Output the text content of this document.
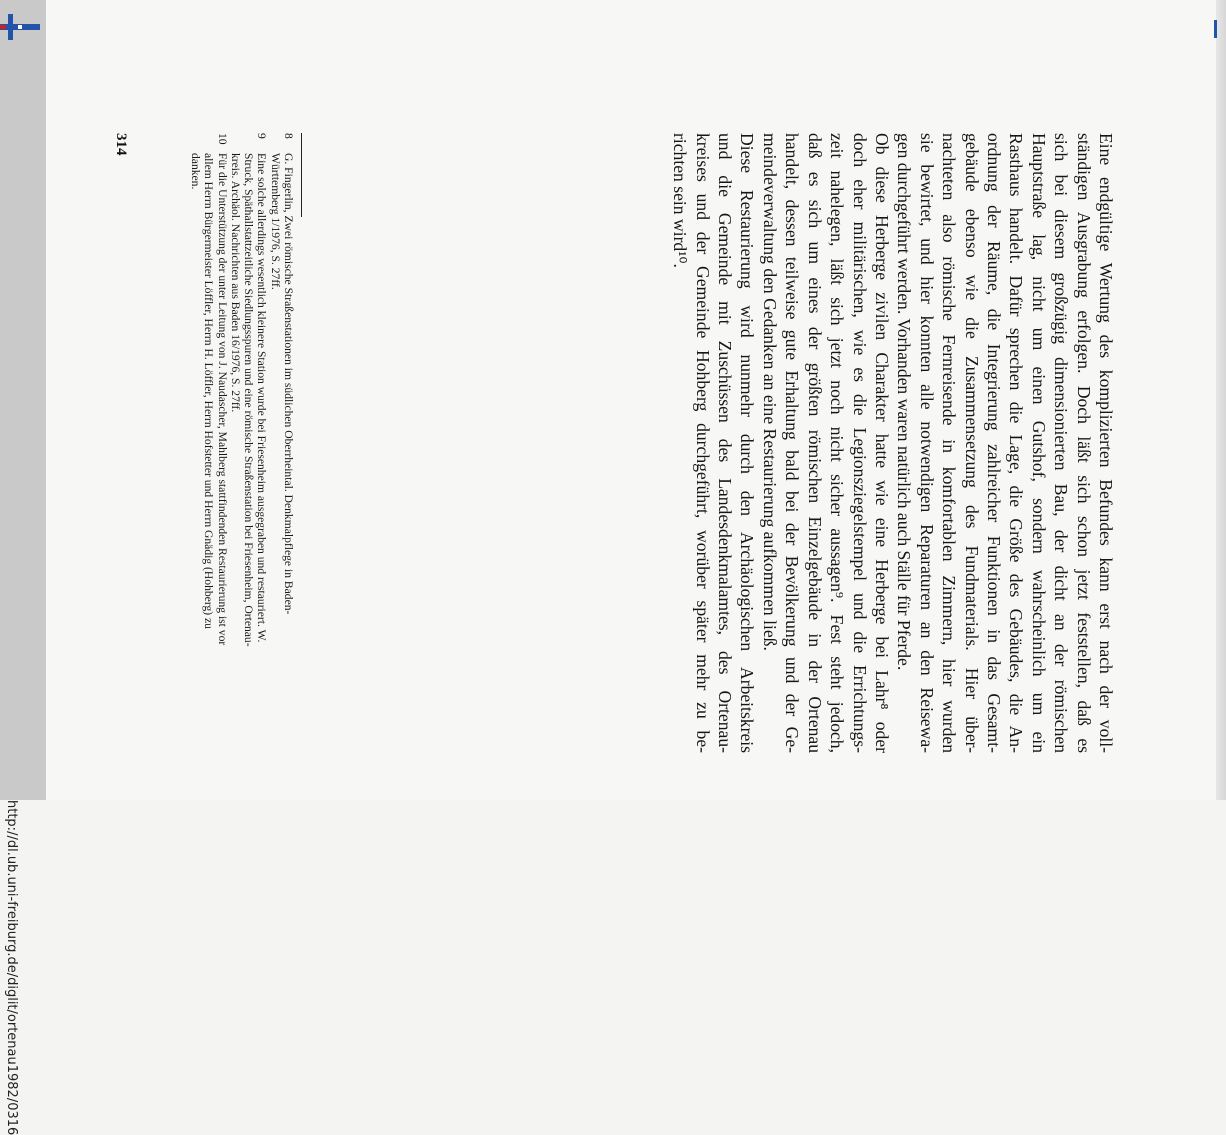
http://dl.ub.uni-freiburg.de/diglit/ortenau1982/0316
Eine endgültige Wertung des komplizierten Befundes kann erst nach der voll-
ständigen Ausgrabung erfolgen. Doch läßt sich schon jetzt feststellen, daß es
sich bei diesem großzügig dimensionierten Bau, der dicht an der römischen
Hauptstraße lag, nicht um einen Gutshof, sondern wahrscheinlich um ein
Rasthaus handelt. Dafür sprechen die Lage, die Größe des Gebäudes, die An-
ordnung der Räume, die Integrierung zahlreicher Funktionen in das Gesamt-
gebäude ebenso wie die Zusammensetzung des Fundmaterials. Hier über-
nachteten also römische Fernreisende in komfortablen Zimmern, hier wurden
sie bewirtet, und hier konnten alle notwendigen Reparaturen an den Reisewa-
gen durchgeführt werden. Vorhanden waren natürlich auch Ställe für Pferde.
Ob diese Herberge zivilen Charakter hatte wie eine Herberge bei Lahr⁸ oder
doch eher militärischen, wie es die Legionsziegelstempel und die Errichtungs-
zeit nahelegen, läßt sich jetzt noch nicht sicher aussagen⁹. Fest steht jedoch,
daß es sich um eines der größten römischen Einzelgebäude in der Ortenau
handelt, dessen teilweise gute Erhaltung bald bei der Bevölkerung und der Ge-
meindeverwaltung den Gedanken an eine Restaurierung aufkommen ließ.
Diese Restaurierung wird nunmehr durch den Archäologischen Arbeitskreis
und die Gemeinde mit Zuschüssen des Landesdenkmalamtes, des Ortenau-
kreises und der Gemeinde Hohberg durchgeführt, worüber später mehr zu be-
richten sein wird¹⁰.
8
G. Fingerlin, Zwei römische Straßenstationen im südlichen Oberrheintal. Denkmalpflege in Baden-
Württemberg 1/1976, S. 27ff.
9
Eine solche allerdings wesentlich kleinere Station wurde bei Friesenheim ausgegraben und restauriert. W.
Struck, Späthallstattzeitliche Siedlungsspuren und eine römische Straßenstation bei Friesenheim, Ortenau-
kreis. Archäol. Nachrichten aus Baden 16/1976, S. 27ff.
10
Für die Unterstützung der unter Leitung von J. Naudascher, Mahlberg stattfindenden Restaurierung ist vor
allem Herrn Bürgermeister Löffler, Herrn H. Löffler, Herrn Hofstetter und Herrn Gnädig (Hohberg) zu
danken.
314
